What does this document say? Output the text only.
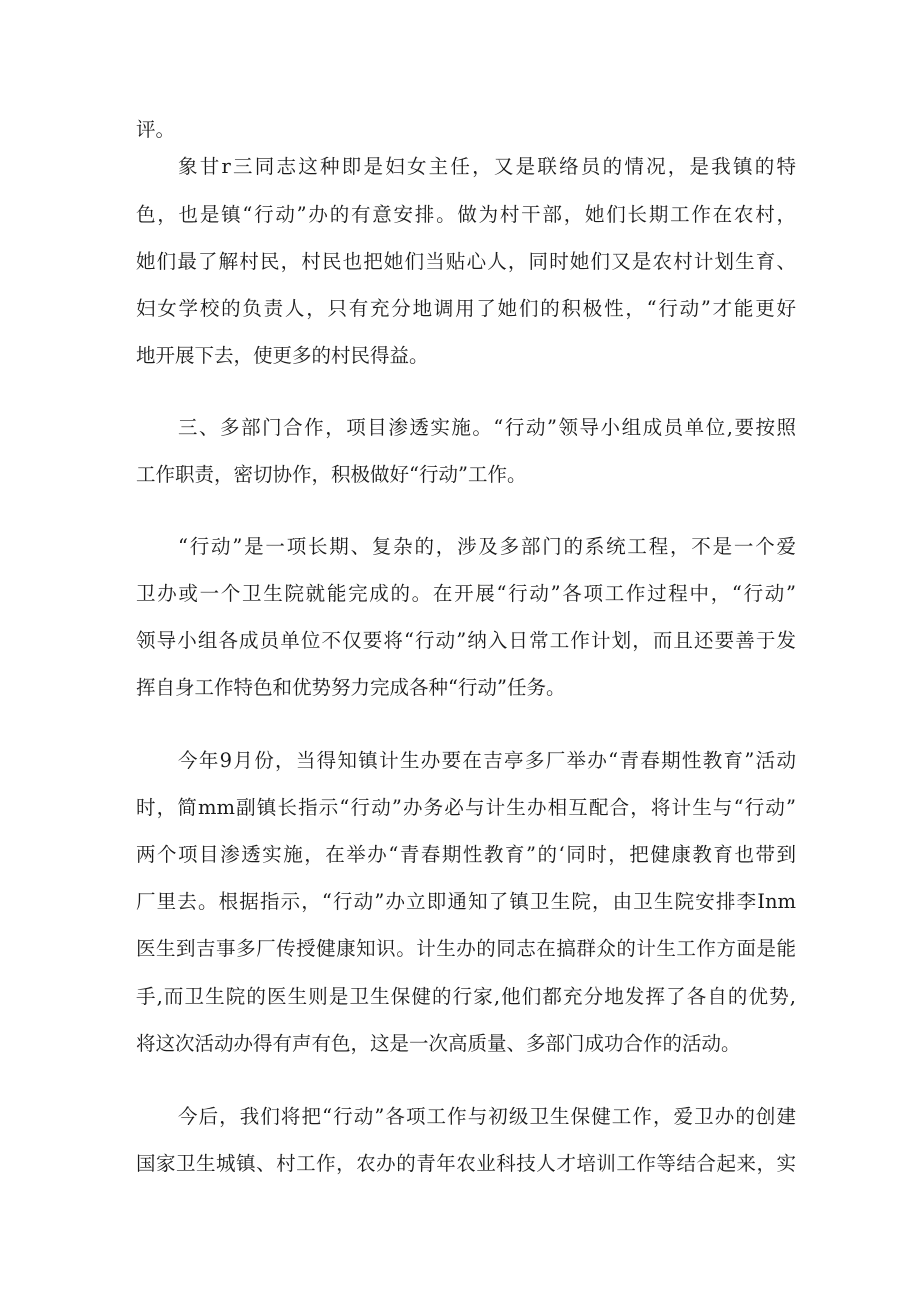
评。

象甘r三同志这种即是妇女主任，又是联络员的情况，是我镇的特

色，也是镇“行动”办的有意安排。做为村干部，她们长期工作在农村，

她们最了解村民，村民也把她们当贴心人，同时她们又是农村计划生育、

妇女学校的负责人，只有充分地调用了她们的积极性，“行动”才能更好

地开展下去，使更多的村民得益。

三、多部门合作，项目渗透实施。“行动”领导小组成员单位,要按照

工作职责，密切协作，积极做好“行动”工作。

“行动”是一项长期、复杂的，涉及多部门的系统工程，不是一个爱

卫办或一个卫生院就能完成的。在开展“行动”各项工作过程中，“行动”

领导小组各成员单位不仅要将“行动”纳入日常工作计划，而且还要善于发

挥自身工作特色和优势努力完成各种“行动”任务。

今年9月份，当得知镇计生办要在吉亭多厂举办“青春期性教育”活动

时，简mm副镇长指示“行动”办务必与计生办相互配合，将计生与“行动”

两个项目渗透实施，在举办“青春期性教育”的‘同时，把健康教育也带到

厂里去。根据指示，“行动”办立即通知了镇卫生院，由卫生院安排李Inm

医生到吉事多厂传授健康知识。计生办的同志在搞群众的计生工作方面是能

手,而卫生院的医生则是卫生保健的行家,他们都充分地发挥了各自的优势,

将这次活动办得有声有色，这是一次高质量、多部门成功合作的活动。

今后，我们将把“行动”各项工作与初级卫生保健工作，爱卫办的创建

国家卫生城镇、村工作，农办的青年农业科技人才培训工作等结合起来，实
